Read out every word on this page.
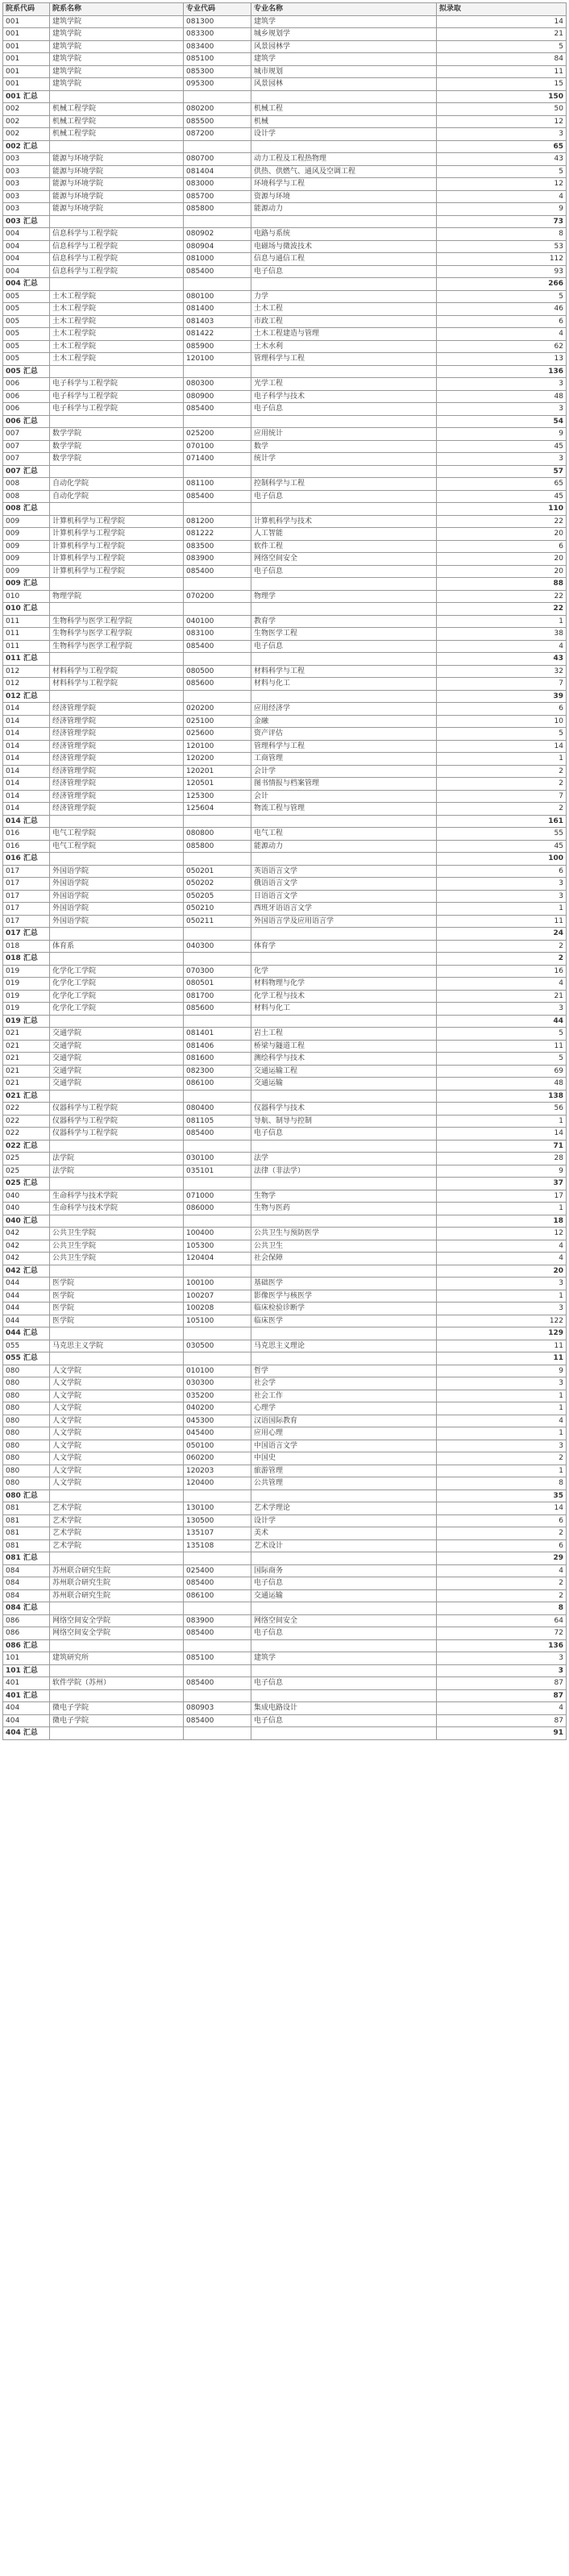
院系代码	院系名称	专业代码	专业名称	拟录取
001	建筑学院	081300	建筑学	14
001	建筑学院	083300	城乡规划学	21
001	建筑学院	083400	风景园林学	5
001	建筑学院	085100	建筑学	84
001	建筑学院	085300	城市规划	11
001	建筑学院	095300	风景园林	15
001 汇总				150
002	机械工程学院	080200	机械工程	50
002	机械工程学院	085500	机械	12
002	机械工程学院	087200	设计学	3
002 汇总				65
003	能源与环境学院	080700	动力工程及工程热物理	43
003	能源与环境学院	081404	供热、供燃气、通风及空调工程	5
003	能源与环境学院	083000	环境科学与工程	12
003	能源与环境学院	085700	资源与环境	4
003	能源与环境学院	085800	能源动力	9
003 汇总				73
004	信息科学与工程学院	080902	电路与系统	8
004	信息科学与工程学院	080904	电磁场与微波技术	53
004	信息科学与工程学院	081000	信息与通信工程	112
004	信息科学与工程学院	085400	电子信息	93
004 汇总				266
005	土木工程学院	080100	力学	5
005	土木工程学院	081400	土木工程	46
005	土木工程学院	081403	市政工程	6
005	土木工程学院	081422	土木工程建造与管理	4
005	土木工程学院	085900	土木水利	62
005	土木工程学院	120100	管理科学与工程	13
005 汇总				136
006	电子科学与工程学院	080300	光学工程	3
006	电子科学与工程学院	080900	电子科学与技术	48
006	电子科学与工程学院	085400	电子信息	3
006 汇总				54
007	数学学院	025200	应用统计	9
007	数学学院	070100	数学	45
007	数学学院	071400	统计学	3
007 汇总				57
008	自动化学院	081100	控制科学与工程	65
008	自动化学院	085400	电子信息	45
008 汇总				110
009	计算机科学与工程学院	081200	计算机科学与技术	22
009	计算机科学与工程学院	081222	人工智能	20
009	计算机科学与工程学院	083500	软件工程	6
009	计算机科学与工程学院	083900	网络空间安全	20
009	计算机科学与工程学院	085400	电子信息	20
009 汇总				88
010	物理学院	070200	物理学	22
010 汇总				22
011	生物科学与医学工程学院	040100	教育学	1
011	生物科学与医学工程学院	083100	生物医学工程	38
011	生物科学与医学工程学院	085400	电子信息	4
011 汇总				43
012	材料科学与工程学院	080500	材料科学与工程	32
012	材料科学与工程学院	085600	材料与化工	7
012 汇总				39
014	经济管理学院	020200	应用经济学	6
014	经济管理学院	025100	金融	10
014	经济管理学院	025600	资产评估	5
014	经济管理学院	120100	管理科学与工程	14
014	经济管理学院	120200	工商管理	1
014	经济管理学院	120201	会计学	2
014	经济管理学院	120501	图书情报与档案管理	2
014	经济管理学院	125300	会计	7
014	经济管理学院	125604	物流工程与管理	2
014 汇总				161
016	电气工程学院	080800	电气工程	55
016	电气工程学院	085800	能源动力	45
016 汇总				100
017	外国语学院	050201	英语语言文学	6
017	外国语学院	050202	俄语语言文学	3
017	外国语学院	050205	日语语言文学	3
017	外国语学院	050210	西班牙语语言文学	1
017	外国语学院	050211	外国语言学及应用语言学	11
017 汇总				24
018	体育系	040300	体育学	2
018 汇总				2
019	化学化工学院	070300	化学	16
019	化学化工学院	080501	材料物理与化学	4
019	化学化工学院	081700	化学工程与技术	21
019	化学化工学院	085600	材料与化工	3
019 汇总				44
021	交通学院	081401	岩土工程	5
021	交通学院	081406	桥梁与隧道工程	11
021	交通学院	081600	测绘科学与技术	5
021	交通学院	082300	交通运输工程	69
021	交通学院	086100	交通运输	48
021 汇总				138
022	仪器科学与工程学院	080400	仪器科学与技术	56
022	仪器科学与工程学院	081105	导航、制导与控制	1
022	仪器科学与工程学院	085400	电子信息	14
022 汇总				71
025	法学院	030100	法学	28
025	法学院	035101	法律（非法学）	9
025 汇总				37
040	生命科学与技术学院	071000	生物学	17
040	生命科学与技术学院	086000	生物与医药	1
040 汇总				18
042	公共卫生学院	100400	公共卫生与预防医学	12
042	公共卫生学院	105300	公共卫生	4
042	公共卫生学院	120404	社会保障	4
042 汇总				20
044	医学院	100100	基础医学	3
044	医学院	100207	影像医学与核医学	1
044	医学院	100208	临床检验诊断学	3
044	医学院	105100	临床医学	122
044 汇总				129
055	马克思主义学院	030500	马克思主义理论	11
055 汇总				11
080	人文学院	010100	哲学	9
080	人文学院	030300	社会学	3
080	人文学院	035200	社会工作	1
080	人文学院	040200	心理学	1
080	人文学院	045300	汉语国际教育	4
080	人文学院	045400	应用心理	1
080	人文学院	050100	中国语言文学	3
080	人文学院	060200	中国史	2
080	人文学院	120203	旅游管理	1
080	人文学院	120400	公共管理	8
080 汇总				35
081	艺术学院	130100	艺术学理论	14
081	艺术学院	130500	设计学	6
081	艺术学院	135107	美术	2
081	艺术学院	135108	艺术设计	6
081 汇总				29
084	苏州联合研究生院	025400	国际商务	4
084	苏州联合研究生院	085400	电子信息	2
084	苏州联合研究生院	086100	交通运输	2
084 汇总				8
086	网络空间安全学院	083900	网络空间安全	64
086	网络空间安全学院	085400	电子信息	72
086 汇总				136
101	建筑研究所	085100	建筑学	3
101 汇总				3
401	软件学院（苏州）	085400	电子信息	87
401 汇总				87
404	微电子学院	080903	集成电路设计	4
404	微电子学院	085400	电子信息	87
404 汇总				91
